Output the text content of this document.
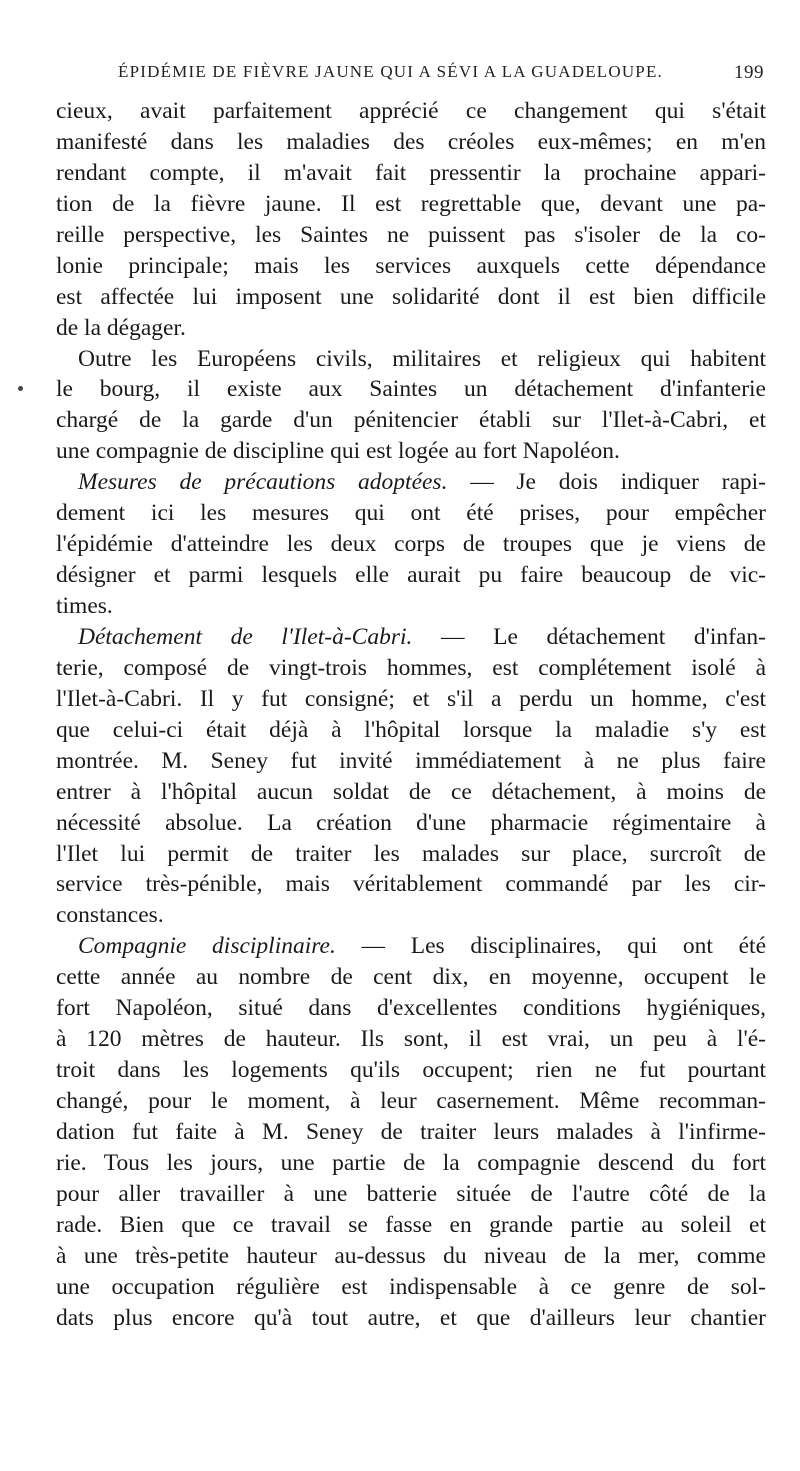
ÉPIDÉMIE DE FIÈVRE JAUNE QUI A SÉVI A LA GUADELOUPE.	199
cieux, avait parfaitement apprécié ce changement qui s'était
manifesté dans les maladies des créoles eux-mêmes; en m'en
rendant compte, il m'avait fait pressentir la prochaine appari-
tion de la fièvre jaune. Il est regrettable que, devant une pa-
reille perspective, les Saintes ne puissent pas s'isoler de la co-
lonie principale; mais les services auxquels cette dépendance
est affectée lui imposent une solidarité dont il est bien difficile
de la dégager.
Outre les Européens civils, militaires et religieux qui habitent
le bourg, il existe aux Saintes un détachement d'infanterie
chargé de la garde d'un pénitencier établi sur l'Ilet-à-Cabri, et
une compagnie de discipline qui est logée au fort Napoléon.
Mesures de précautions adoptées. — Je dois indiquer rapi-
dement ici les mesures qui ont été prises, pour empêcher
l'épidémie d'atteindre les deux corps de troupes que je viens de
désigner et parmi lesquels elle aurait pu faire beaucoup de vic-
times.
Détachement de l'Ilet-à-Cabri. — Le détachement d'infan-
terie, composé de vingt-trois hommes, est complétement isolé à
l'Ilet-à-Cabri. Il y fut consigné; et s'il a perdu un homme, c'est
que celui-ci était déjà à l'hôpital lorsque la maladie s'y est
montrée. M. Seney fut invité immédiatement à ne plus faire
entrer à l'hôpital aucun soldat de ce détachement, à moins de
nécessité absolue. La création d'une pharmacie régimentaire à
l'Ilet lui permit de traiter les malades sur place, surcroît de
service très-pénible, mais véritablement commandé par les cir-
constances.
Compagnie disciplinaire. — Les disciplinaires, qui ont été
cette année au nombre de cent dix, en moyenne, occupent le
fort Napoléon, situé dans d'excellentes conditions hygiéniques,
à 120 mètres de hauteur. Ils sont, il est vrai, un peu à l'é-
troit dans les logements qu'ils occupent; rien ne fut pourtant
changé, pour le moment, à leur casernement. Même recomman-
dation fut faite à M. Seney de traiter leurs malades à l'infirme-
rie. Tous les jours, une partie de la compagnie descend du fort
pour aller travailler à une batterie située de l'autre côté de la
rade. Bien que ce travail se fasse en grande partie au soleil et
à une très-petite hauteur au-dessus du niveau de la mer, comme
une occupation régulière est indispensable à ce genre de sol-
dats plus encore qu'à tout autre, et que d'ailleurs leur chantier
